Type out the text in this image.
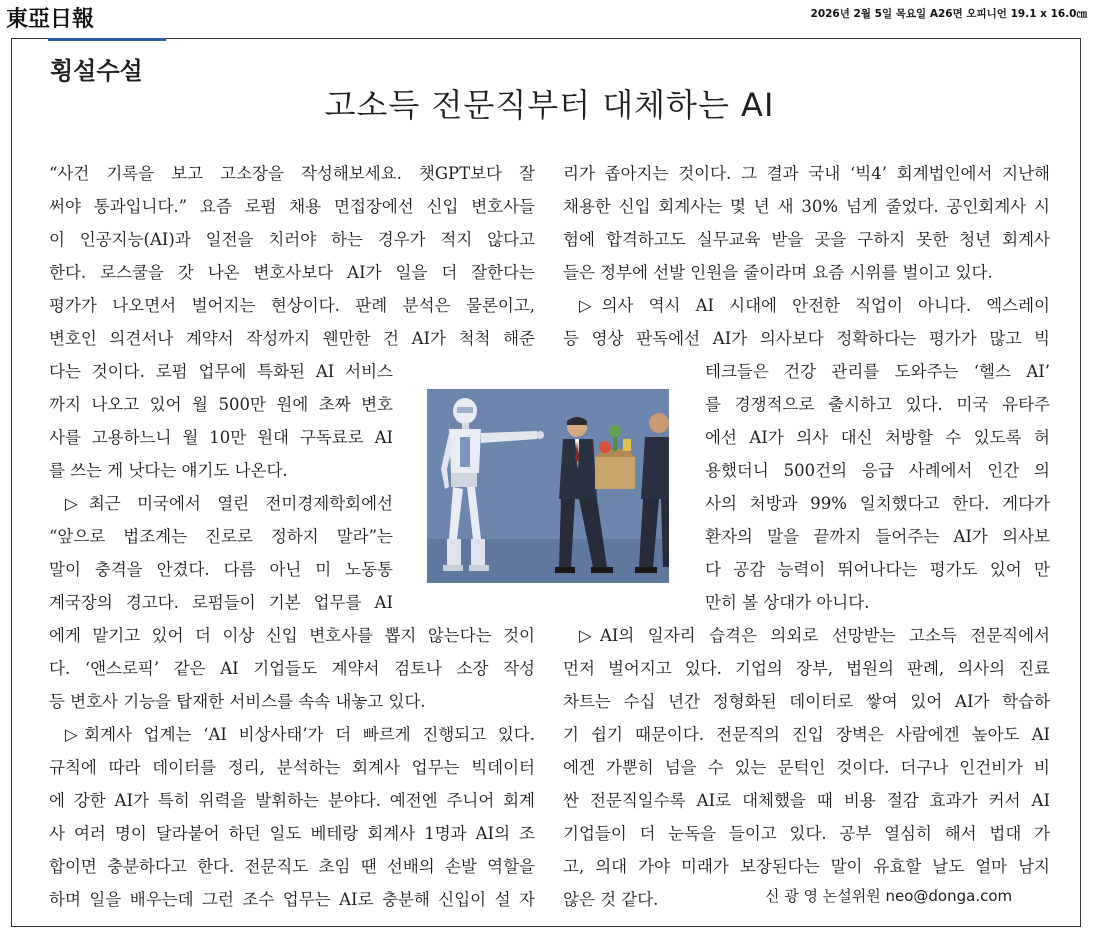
東亞日報	2026년 2월 5일 목요일 A26면 오피니언 19.1 x 16.0㎝
횡설수설
고소득 전문직부터 대체하는 AI
“사건 기록을 보고 고소장을 작성해보세요. 챗GPT보다 잘
써야 통과입니다.” 요즘 로펌 채용 면접장에선 신입 변호사들
이 인공지능(AI)과 일전을 치러야 하는 경우가 적지 않다고
한다. 로스쿨을 갓 나온 변호사보다 AI가 일을 더 잘한다는
평가가 나오면서 벌어지는 현상이다. 판례 분석은 물론이고,
변호인 의견서나 계약서 작성까지 웬만한 건 AI가 척척 해준
다는 것이다. 로펌 업무에 특화된 AI 서비스
까지 나오고 있어 월 500만 원에 초짜 변호
사를 고용하느니 월 10만 원대 구독료로 AI
를 쓰는 게 낫다는 얘기도 나온다.
▷최근 미국에서 열린 전미경제학회에선
“앞으로 법조계는 진로로 정하지 말라”는
말이 충격을 안겼다. 다름 아닌 미 노동통
계국장의 경고다. 로펌들이 기본 업무를 AI
에게 맡기고 있어 더 이상 신입 변호사를 뽑지 않는다는 것이
다. ‘앤스로픽’ 같은 AI 기업들도 계약서 검토나 소장 작성
등 변호사 기능을 탑재한 서비스를 속속 내놓고 있다.
▷회계사 업계는 ‘AI 비상사태’가 더 빠르게 진행되고 있다.
규칙에 따라 데이터를 정리, 분석하는 회계사 업무는 빅데이터
에 강한 AI가 특히 위력을 발휘하는 분야다. 예전엔 주니어 회계
사 여러 명이 달라붙어 하던 일도 베테랑 회계사 1명과 AI의 조
합이면 충분하다고 한다. 전문직도 초임 땐 선배의 손발 역할을
하며 일을 배우는데 그런 조수 업무는 AI로 충분해 신입이 설 자
리가 좁아지는 것이다. 그 결과 국내 ‘빅4’ 회계법인에서 지난해
채용한 신입 회계사는 몇 년 새 30% 넘게 줄었다. 공인회계사 시
험에 합격하고도 실무교육 받을 곳을 구하지 못한 청년 회계사
들은 정부에 선발 인원을 줄이라며 요즘 시위를 벌이고 있다.
▷의사 역시 AI 시대에 안전한 직업이 아니다. 엑스레이
등 영상 판독에선 AI가 의사보다 정확하다는 평가가 많고 빅
테크들은 건강 관리를 도와주는 ‘헬스 AI’
를 경쟁적으로 출시하고 있다. 미국 유타주
에선 AI가 의사 대신 처방할 수 있도록 허
용했더니 500건의 응급 사례에서 인간 의
사의 처방과 99% 일치했다고 한다. 게다가
환자의 말을 끝까지 들어주는 AI가 의사보
다 공감 능력이 뛰어나다는 평가도 있어 만
만히 볼 상대가 아니다.
▷AI의 일자리 습격은 의외로 선망받는 고소득 전문직에서
먼저 벌어지고 있다. 기업의 장부, 법원의 판례, 의사의 진료
차트는 수십 년간 정형화된 데이터로 쌓여 있어 AI가 학습하
기 쉽기 때문이다. 전문직의 진입 장벽은 사람에겐 높아도 AI
에겐 가뿐히 넘을 수 있는 문턱인 것이다. 더구나 인건비가 비
싼 전문직일수록 AI로 대체했을 때 비용 절감 효과가 커서 AI
기업들이 더 눈독을 들이고 있다. 공부 열심히 해서 법대 가
고, 의대 가야 미래가 보장된다는 말이 유효할 날도 얼마 남지
않은 것 같다.	신 광 영 논설위원 neo@donga.com
